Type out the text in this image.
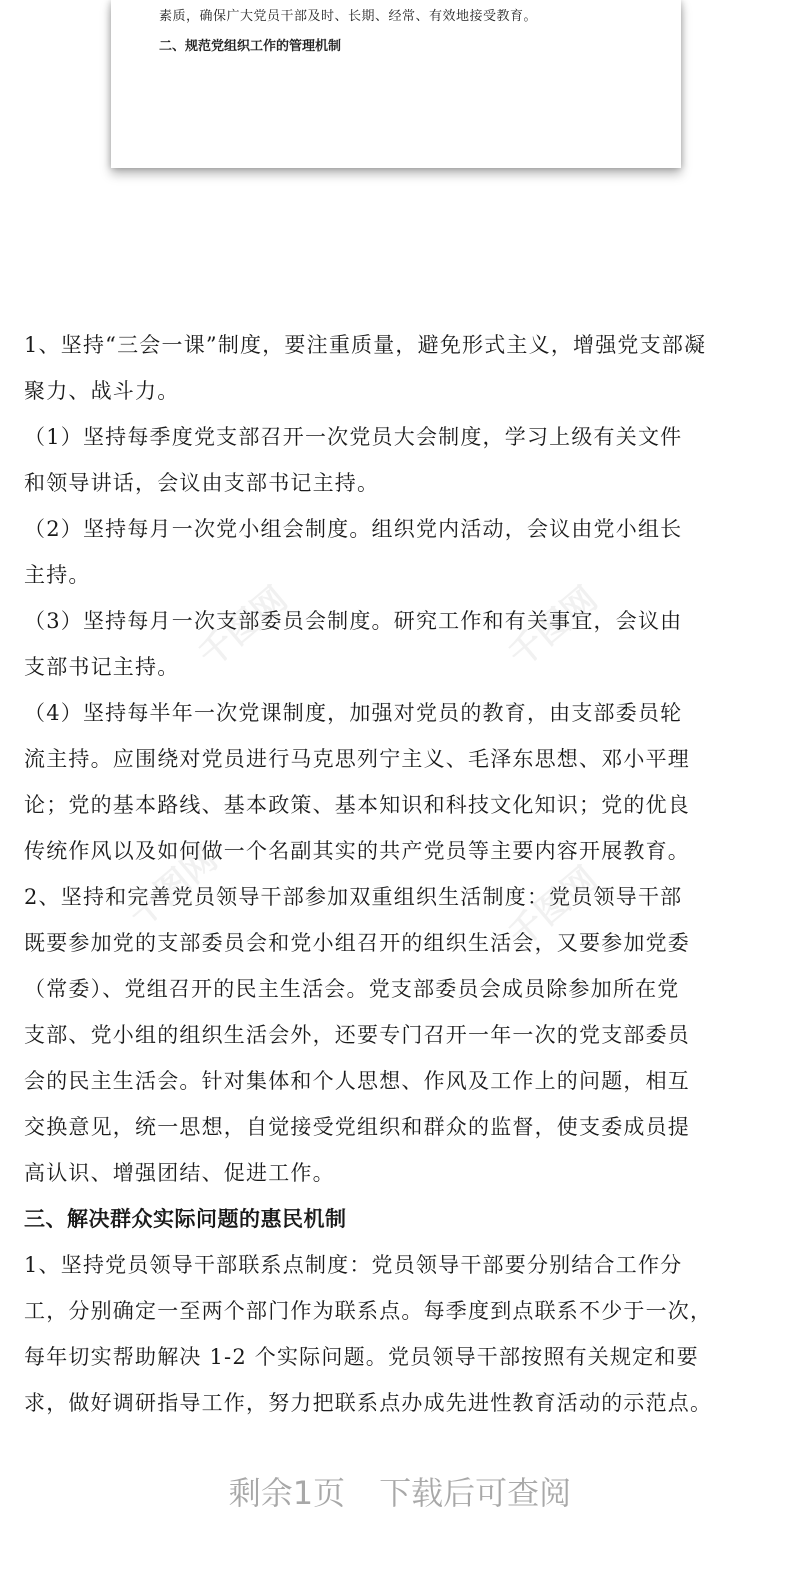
素质，确保广大党员干部及时、长期、经常、有效地接受教育。
二、规范党组织工作的管理机制
千图网	千图网
千图网	千图网
1、坚持“三会一课”制度，要注重质量，避免形式主义，增强党支部凝
聚力、战斗力。
（1）坚持每季度党支部召开一次党员大会制度，学习上级有关文件
和领导讲话，会议由支部书记主持。
（2）坚持每月一次党小组会制度。组织党内活动，会议由党小组长
主持。
（3）坚持每月一次支部委员会制度。研究工作和有关事宜，会议由
支部书记主持。
（4）坚持每半年一次党课制度，加强对党员的教育，由支部委员轮
流主持。应围绕对党员进行马克思列宁主义、毛泽东思想、邓小平理
论；党的基本路线、基本政策、基本知识和科技文化知识；党的优良
传统作风以及如何做一个名副其实的共产党员等主要内容开展教育。
2、坚持和完善党员领导干部参加双重组织生活制度：党员领导干部
既要参加党的支部委员会和党小组召开的组织生活会，又要参加党委
（常委）、党组召开的民主生活会。党支部委员会成员除参加所在党
支部、党小组的组织生活会外，还要专门召开一年一次的党支部委员
会的民主生活会。针对集体和个人思想、作风及工作上的问题，相互
交换意见，统一思想，自觉接受党组织和群众的监督，使支委成员提
高认识、增强团结、促进工作。
三、解决群众实际问题的惠民机制
1、坚持党员领导干部联系点制度：党员领导干部要分别结合工作分
工，分别确定一至两个部门作为联系点。每季度到点联系不少于一次，
每年切实帮助解决 1-2 个实际问题。党员领导干部按照有关规定和要
求，做好调研指导工作，努力把联系点办成先进性教育活动的示范点。
剩余1页 下载后可查阅
